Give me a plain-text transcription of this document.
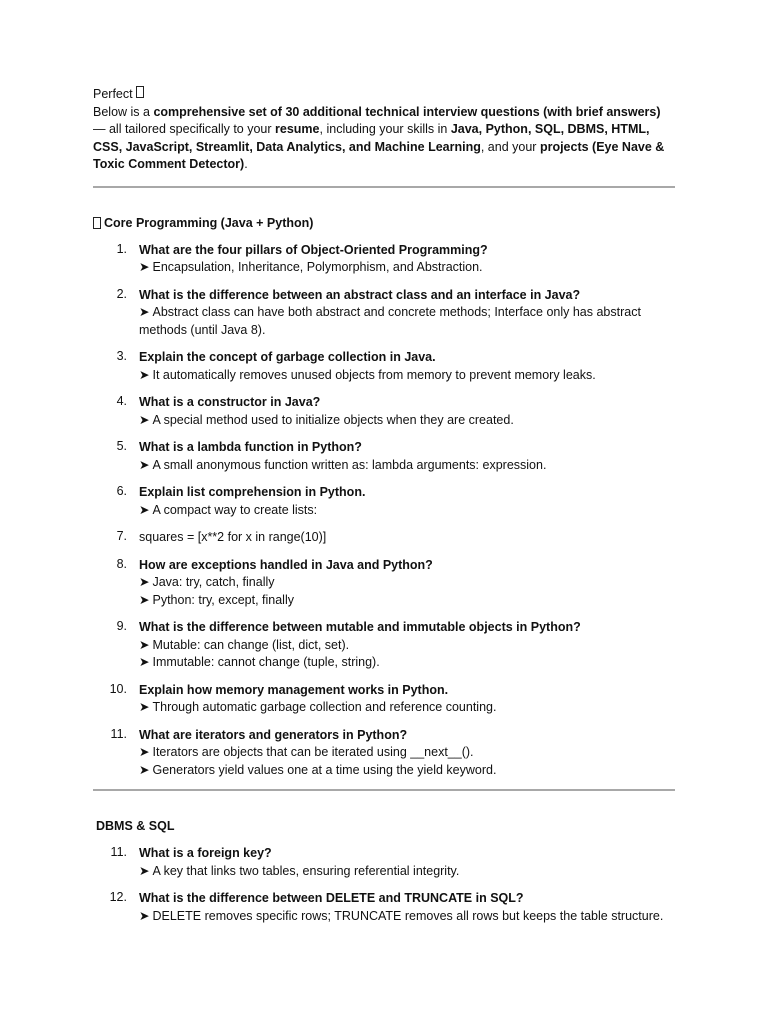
Perfect

Below is a comprehensive set of 30 additional technical interview questions (with brief answers) — all tailored specifically to your resume, including your skills in Java, Python, SQL, DBMS, HTML, CSS, JavaScript, Streamlit, Data Analytics, and Machine Learning, and your projects (Eye Nave & Toxic Comment Detector).

Core Programming (Java + Python)
1. What are the four pillars of Object-Oriented Programming?
➤ Encapsulation, Inheritance, Polymorphism, and Abstraction.
2. What is the difference between an abstract class and an interface in Java?
➤ Abstract class can have both abstract and concrete methods; Interface only has abstract methods (until Java 8).
3. Explain the concept of garbage collection in Java.
➤ It automatically removes unused objects from memory to prevent memory leaks.
4. What is a constructor in Java?
➤ A special method used to initialize objects when they are created.
5. What is a lambda function in Python?
➤ A small anonymous function written as: lambda arguments: expression.
6. Explain list comprehension in Python.
➤ A compact way to create lists:
7. squares = [x**2 for x in range(10)]
8. How are exceptions handled in Java and Python?
➤ Java: try, catch, finally
➤ Python: try, except, finally
9. What is the difference between mutable and immutable objects in Python?
➤ Mutable: can change (list, dict, set).
➤ Immutable: cannot change (tuple, string).
10. Explain how memory management works in Python.
➤ Through automatic garbage collection and reference counting.
11. What are iterators and generators in Python?
➤ Iterators are objects that can be iterated using __next__().
➤ Generators yield values one at a time using the yield keyword.
DBMS & SQL
11. What is a foreign key?
➤ A key that links two tables, ensuring referential integrity.
12. What is the difference between DELETE and TRUNCATE in SQL?
➤ DELETE removes specific rows; TRUNCATE removes all rows but keeps the table structure.
